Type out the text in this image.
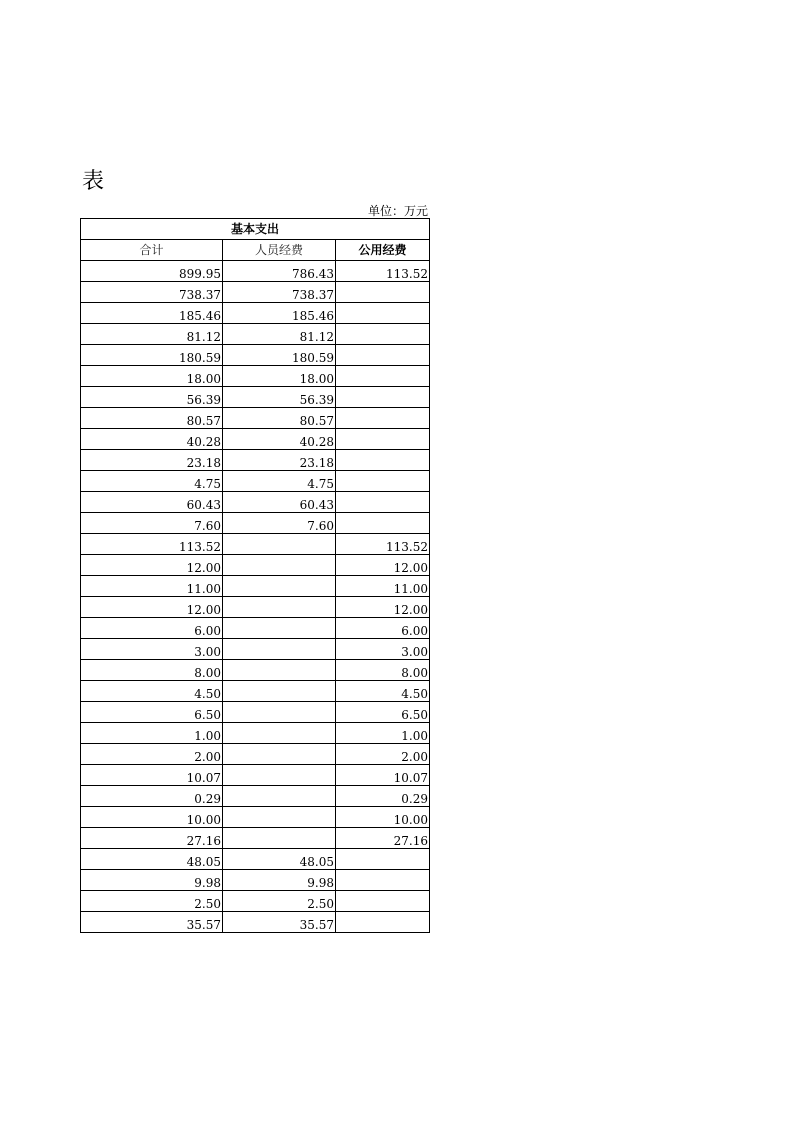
表
单位：万元
基本支出		
合计	人员经费	公用经费
899.95	786.43	113.52
738.37	738.37	
185.46	185.46	
81.12	81.12	
180.59	180.59	
18.00	18.00	
56.39	56.39	
80.57	80.57	
40.28	40.28	
23.18	23.18	
4.75	4.75	
60.43	60.43	
7.60	7.60	
113.52		113.52
12.00		12.00
11.00		11.00
12.00		12.00
6.00		6.00
3.00		3.00
8.00		8.00
4.50		4.50
6.50		6.50
1.00		1.00
2.00		2.00
10.07		10.07
0.29		0.29
10.00		10.00
27.16		27.16
48.05	48.05	
9.98	9.98	
2.50	2.50	
35.57	35.57	
